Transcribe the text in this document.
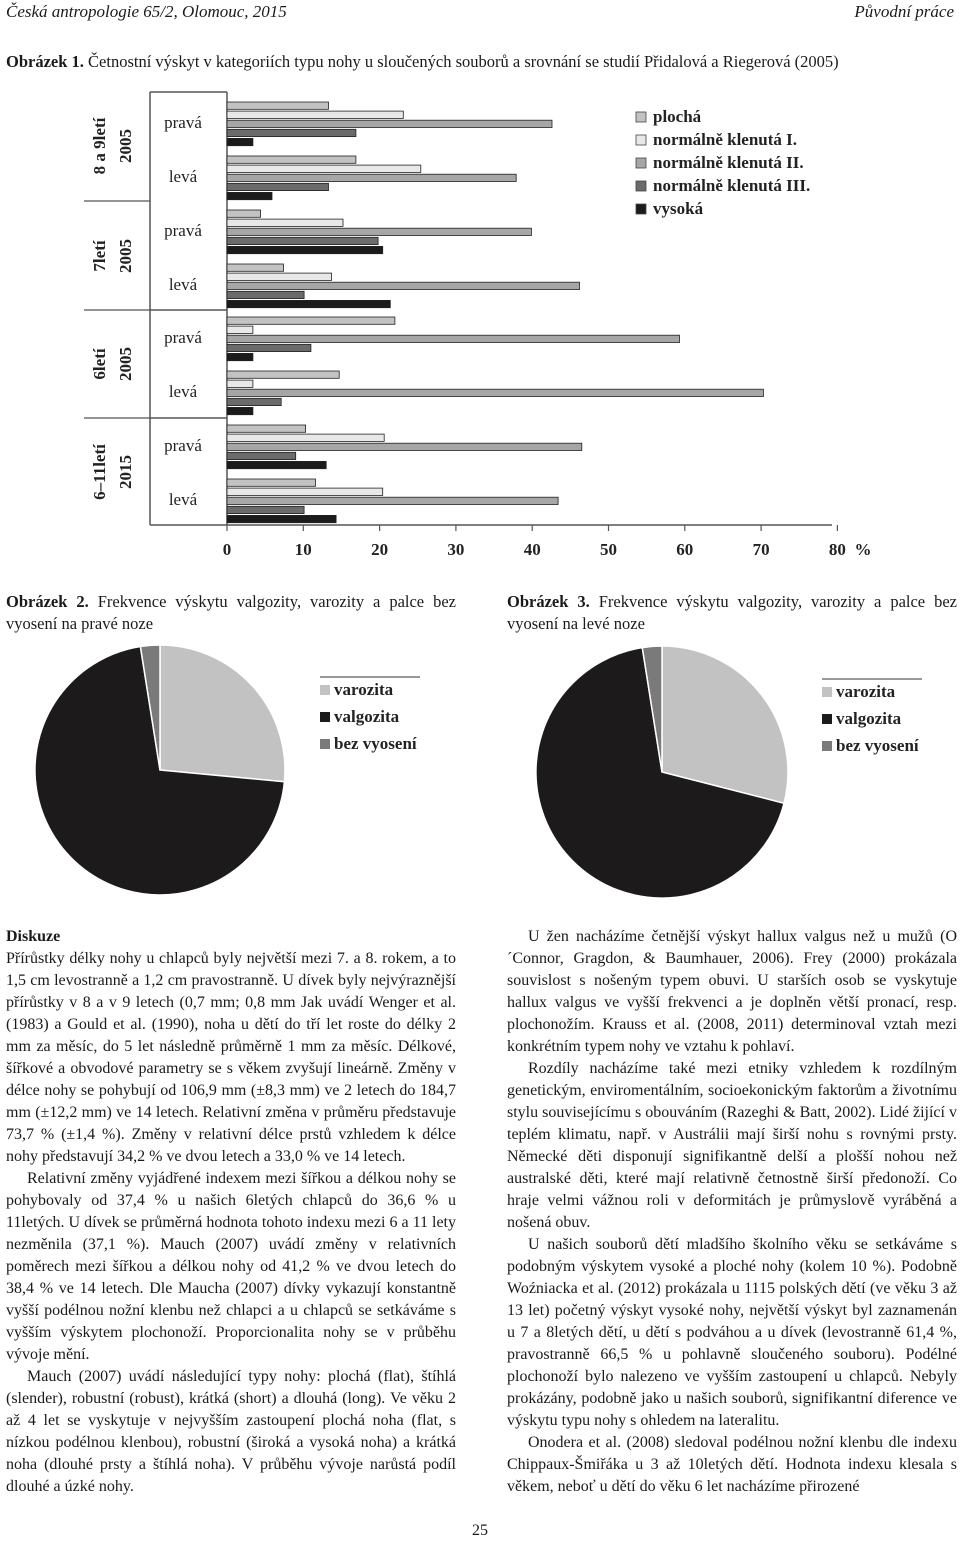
Česká antropologie 65/2, Olomouc, 2015	Původní práce
Obrázek 1. Četnostní výskyt v kategoriích typu nohy u sloučených souborů a srovnání se studií Přidalová a Riegerová (2005)
8 a 9letí 2005
pravá
levá
7letí 2005
pravá
levá
6letí 2005
pravá
levá
6–11letí 2015
pravá
levá
0	10	20	30	40	50	60	70	80 %
plochá
normálně klenutá I.
normálně klenutá II.
normálně klenutá III.
vysoká
Obrázek 2. Frekvence výskytu valgozity, varozity a palce bez vyosení na pravé noze
Obrázek 3. Frekvence výskytu valgozity, varozity a palce bez vyosení na levé noze
varozita
valgozita
bez vyosení
varozita
valgozita
bez vyosení
Diskuze

Přírůstky délky nohy u chlapců byly největší mezi 7. a 8. rokem, a to 1,5 cm levostranně a 1,2 cm pravostranně. U dívek byly nejvýraznější přírůstky v 8 a v 9 letech (0,7 mm; 0,8 mm Jak uvádí Wenger et al. (1983) a Gould et al. (1990), noha u dětí do tří let roste do délky 2 mm za měsíc, do 5 let následně průměrně 1 mm za měsíc. Délkové, šířkové a obvodové parametry se s věkem zvyšují lineárně. Změny v délce nohy se pohybují od 106,9 mm (±8,3 mm) ve 2 letech do 184,7 mm (±12,2 mm) ve 14 letech. Relativní změna v průměru představuje 73,7 % (±1,4 %). Změny v relativní délce prstů vzhledem k délce nohy představují 34,2 % ve dvou letech a 33,0 % ve 14 letech.

Relativní změny vyjádřené indexem mezi šířkou a délkou nohy se pohybovaly od 37,4 % u našich 6letých chlapců do 36,6 % u 11letých. U dívek se průměrná hodnota tohoto indexu mezi 6 a 11 lety nezměnila (37,1 %). Mauch (2007) uvádí změny v relativních poměrech mezi šířkou a délkou nohy od 41,2 % ve dvou letech do 38,4 % ve 14 letech. Dle Maucha (2007) dívky vykazují konstantně vyšší podélnou nožní klenbu než chlapci a u chlapců se setkáváme s vyšším výskytem plochonoží. Proporcionalita nohy se v průběhu vývoje mění.

Mauch (2007) uvádí následující typy nohy: plochá (flat), štíhlá (slender), robustní (robust), krátká (short) a dlouhá (long). Ve věku 2 až 4 let se vyskytuje v nejvyšším zastoupení plochá noha (flat, s nízkou podélnou klenbou), robustní (široká a vysoká noha) a krátká noha (dlouhé prsty a štíhlá noha). V průběhu vývoje narůstá podíl dlouhé a úzké nohy.

U žen nacházíme četnější výskyt hallux valgus než u mužů (O´Connor, Gragdon, & Baumhauer, 2006). Frey (2000) prokázala souvislost s nošeným typem obuvi. U starších osob se vyskytuje hallux valgus ve vyšší frekvenci a je doplněn větší pronací, resp. plochonožím. Krauss et al. (2008, 2011) determinoval vztah mezi konkrétním typem nohy ve vztahu k pohlaví.

Rozdíly nacházíme také mezi etniky vzhledem k rozdílným genetickým, enviromentálním, socioekonickým faktorům a životnímu stylu souvisejícímu s obouváním (Razeghi & Batt, 2002). Lidé žijící v teplém klimatu, např. v Austrálii mají širší nohu s rovnými prsty. Německé děti disponují signifikantně delší a plošší nohou než australské děti, které mají relativně četnostně širší předonoží. Co hraje velmi vážnou roli v deformitách je průmyslově vyráběná a nošená obuv.

U našich souborů dětí mladšího školního věku se setkáváme s podobným výskytem vysoké a ploché nohy (kolem 10 %). Podobně Woźniacka et al. (2012) prokázala u 1115 polských dětí (ve věku 3 až 13 let) početný výskyt vysoké nohy, největší výskyt byl zaznamenán u 7 a 8letých dětí, u dětí s podváhou a u dívek (levostranně 61,4 %, pravostranně 66,5 % u pohlavně sloučeného souboru). Podélné plochonoží bylo nalezeno ve vyšším zastoupení u chlapců. Nebyly prokázány, podobně jako u našich souborů, signifikantní diference ve výskytu typu nohy s ohledem na lateralitu.

Onodera et al. (2008) sledoval podélnou nožní klenbu dle indexu Chippaux-Šmiřáka u 3 až 10letých dětí. Hodnota indexu klesala s věkem, neboť u dětí do věku 6 let nacházíme přirozené

25
